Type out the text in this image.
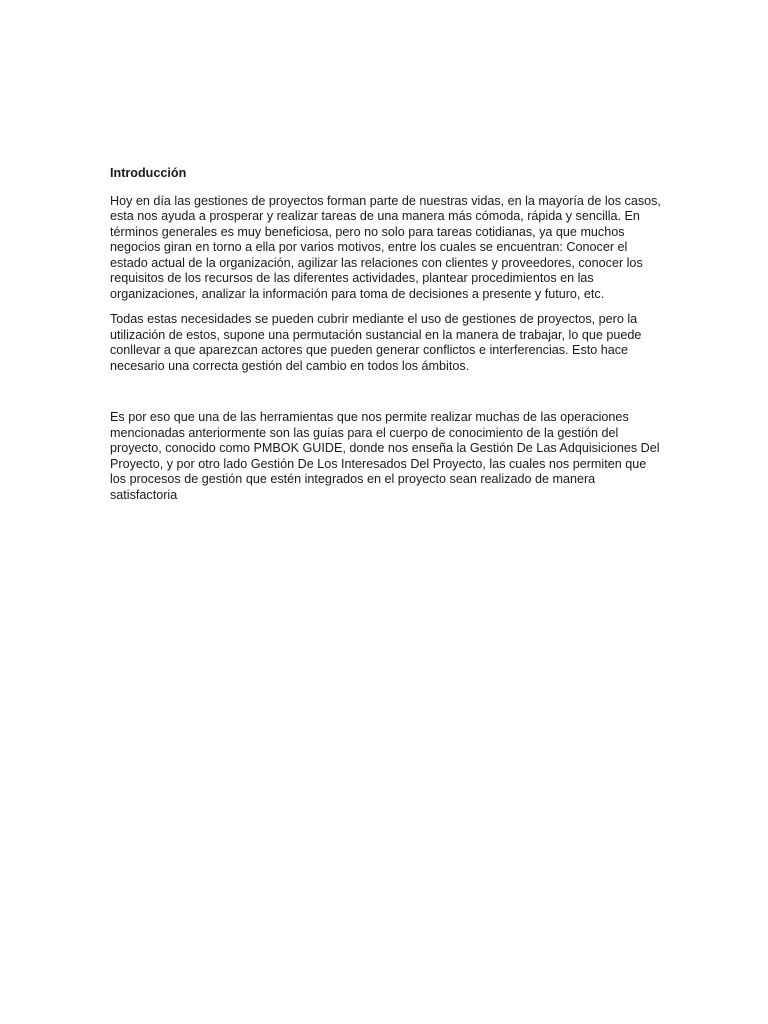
Introducción
Hoy en día las gestiones de proyectos forman parte de nuestras vidas, en la mayoría de los casos, esta nos ayuda a prosperar y realizar tareas de una manera más cómoda, rápida y sencilla. En términos generales es muy beneficiosa, pero no solo para tareas cotidianas, ya que muchos negocios giran en torno a ella por varios motivos, entre los cuales se encuentran: Conocer el estado actual de la organización, agilizar las relaciones con clientes y proveedores, conocer los requisitos de los recursos de las diferentes actividades, plantear procedimientos en las organizaciones, analizar la información para toma de decisiones a presente y futuro, etc.
Todas estas necesidades se pueden cubrir mediante el uso de gestiones de proyectos, pero la utilización de estos, supone una permutación sustancial en la manera de trabajar, lo que puede conllevar a que aparezcan actores que pueden generar conflictos e interferencias. Esto hace necesario una correcta gestión del cambio en todos los ámbitos.
Es por eso que una de las herramientas que nos permite realizar muchas de las operaciones mencionadas anteriormente son las guías para el cuerpo de conocimiento de la gestión del proyecto, conocido como PMBOK GUIDE, donde nos enseña la Gestión De Las Adquisiciones Del Proyecto, y por otro lado Gestión De Los Interesados Del Proyecto, las cuales nos permiten que los procesos de gestión que estén integrados en el proyecto sean realizado de manera satisfactoria
